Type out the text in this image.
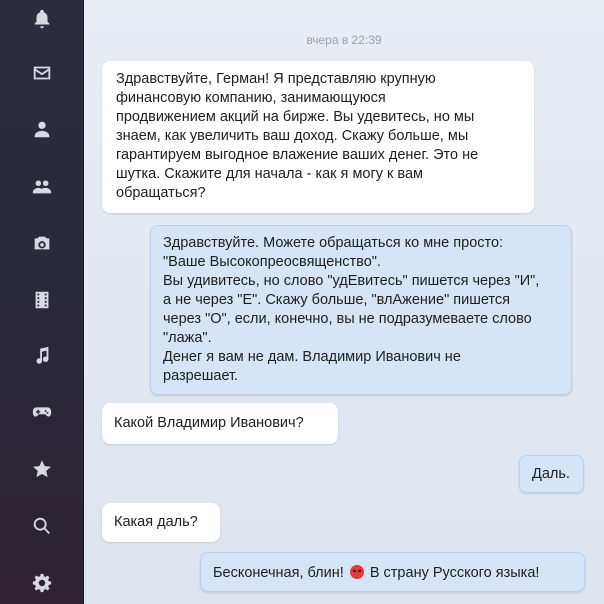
вчера в 22:39
Здравствуйте, Герман! Я представляю крупную
финансовую компанию, занимающуюся
продвижением акций на бирже. Вы удевитесь, но мы
знаем, как увеличить ваш доход. Скажу больше, мы
гарантируем выгодное влажение ваших денег. Это не
шутка. Скажите для начала - как я могу к вам
обращаться?
Здравствуйте. Можете обращаться ко мне просто:
"Ваше Высокопреосвященство".
Вы удивитесь, но слово "удЕвитесь" пишется через "И",
а не через "Е". Скажу больше, "влАжение" пишется
через "О", если, конечно, вы не подразумеваете слово
"лажа".
Денег я вам не дам. Владимир Иванович не
разрешает.
Какой Владимир Иванович?
Даль.
Какая даль?
Бесконечная, блин! В страну Русского языка!
